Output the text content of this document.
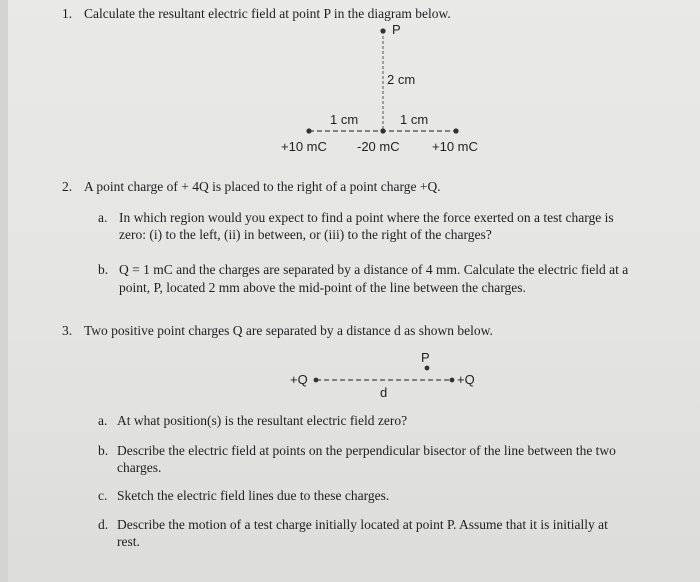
1. Calculate the resultant electric field at point P in the diagram below.
P
2 cm
1 cm	1 cm
+10 mC -20 mC +10 mC
2. A point charge of + 4Q is placed to the right of a point charge +Q.
a. In which region would you expect to find a point where the force exerted on a test charge is
zero: (i) to the left, (ii) in between, or (iii) to the right of the charges?
b. Q = 1 mC and the charges are separated by a distance of 4 mm. Calculate the electric field at a
point, P, located 2 mm above the mid-point of the line between the charges.
3. Two positive point charges Q are separated by a distance d as shown below.
P
+Q	+Q
d
a. At what position(s) is the resultant electric field zero?
b. Describe the electric field at points on the perpendicular bisector of the line between the two
charges.
c. Sketch the electric field lines due to these charges.
d. Describe the motion of a test charge initially located at point P. Assume that it is initially at
rest.
